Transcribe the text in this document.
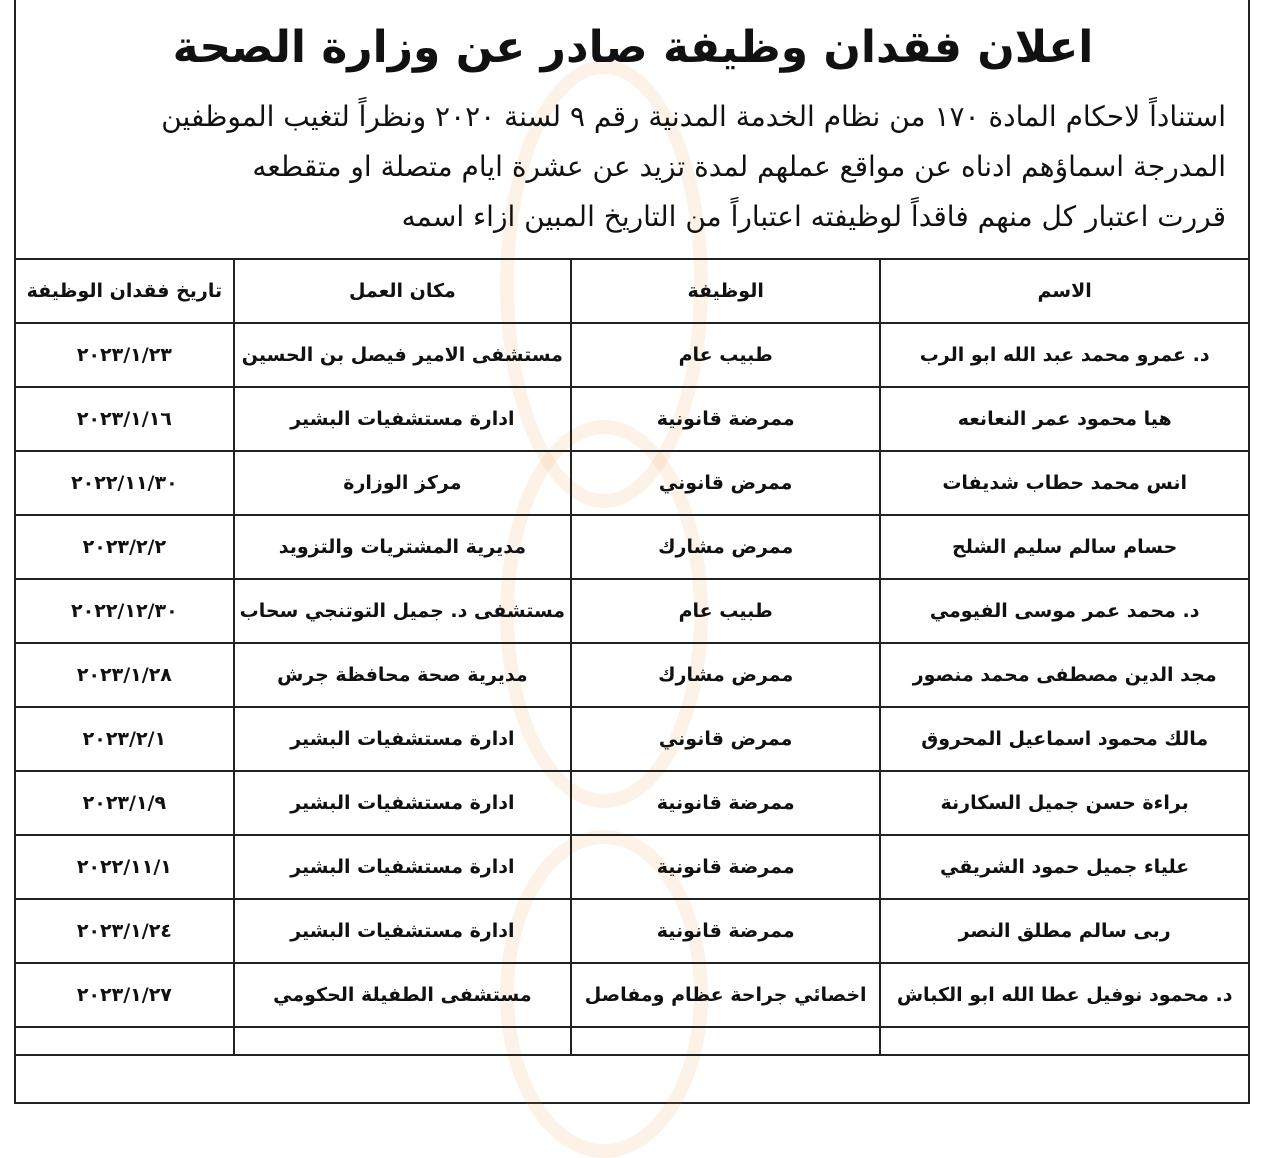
اعلان فقدان وظيفة صادر عن وزارة الصحة
استناداً لاحكام المادة ١٧٠ من نظام الخدمة المدنية رقم ٩ لسنة ٢٠٢٠ ونظراً لتغيب الموظفين
المدرجة اسماؤهم ادناه عن مواقع عملهم لمدة تزيد عن عشرة ايام متصلة او متقطعه
قررت اعتبار كل منهم فاقداً لوظيفته اعتباراً من التاريخ المبين ازاء اسمه
الاسم	الوظيفة	مكان العمل	تاريخ فقدان الوظيفة
د. عمرو محمد عبد الله ابو الرب	طبيب عام	مستشفى الامير فيصل بن الحسين	٢٠٢٣/١/٢٣
هيا محمود عمر النعانعه	ممرضة قانونية	ادارة مستشفيات البشير	٢٠٢٣/١/١٦
انس محمد حطاب شديفات	ممرض قانوني	مركز الوزارة	٢٠٢٢/١١/٣٠
حسام سالم سليم الشلح	ممرض مشارك	مديرية المشتريات والتزويد	٢٠٢٣/٢/٢
د. محمد عمر موسى الفيومي	طبيب عام	مستشفى د. جميل التوتنجي سحاب	٢٠٢٢/١٢/٣٠
مجد الدين مصطفى محمد منصور	ممرض مشارك	مديرية صحة محافظة جرش	٢٠٢٣/١/٢٨
مالك محمود اسماعيل المحروق	ممرض قانوني	ادارة مستشفيات البشير	٢٠٢٣/٢/١
براءة حسن جميل السكارنة	ممرضة قانونية	ادارة مستشفيات البشير	٢٠٢٣/١/٩
علياء جميل حمود الشريقي	ممرضة قانونية	ادارة مستشفيات البشير	٢٠٢٢/١١/١
ربى سالم مطلق النصر	ممرضة قانونية	ادارة مستشفيات البشير	٢٠٢٣/١/٢٤
د. محمود نوفيل عطا الله ابو الكباش	اخصائي جراحة عظام ومفاصل	مستشفى الطفيلة الحكومي	٢٠٢٣/١/٢٧
